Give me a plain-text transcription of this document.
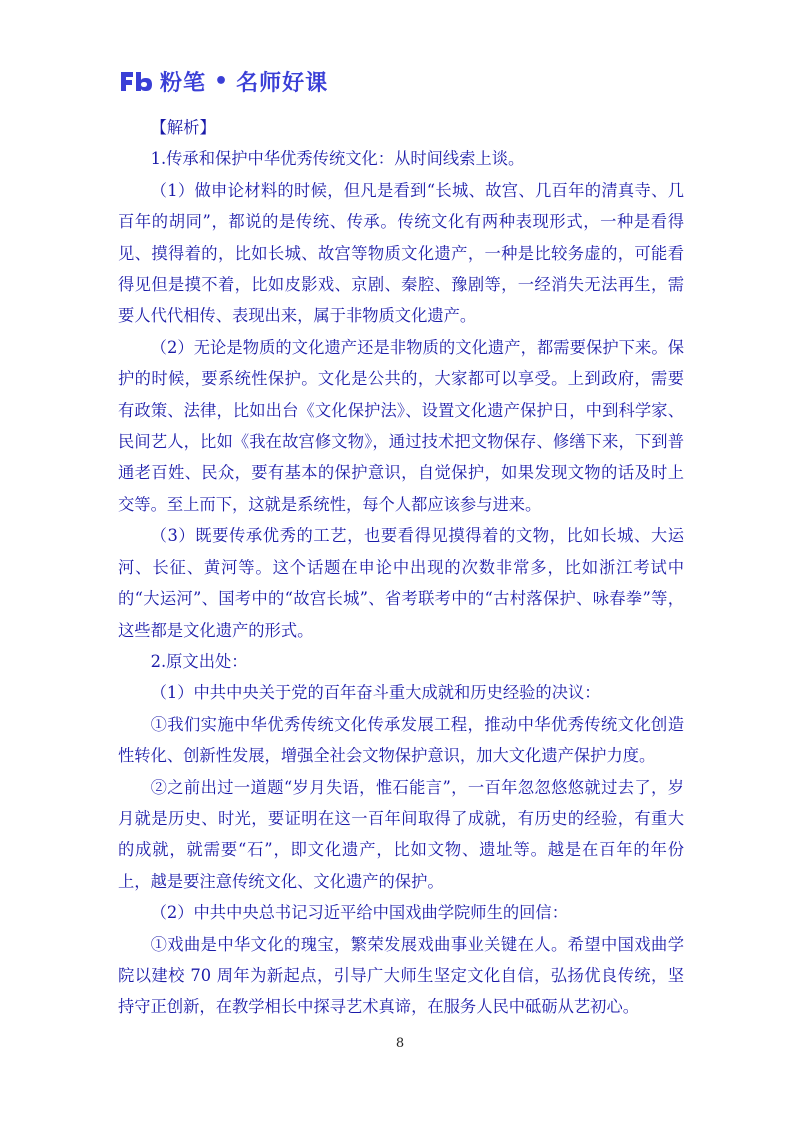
粉笔 • 名师好课

【解析】

1.传承和保护中华优秀传统文化：从时间线索上谈。

（1）做申论材料的时候，但凡是看到“长城、故宫、几百年的清真寺、几百年的胡同”，都说的是传统、传承。传统文化有两种表现形式，一种是看得见、摸得着的，比如长城、故宫等物质文化遗产，一种是比较务虚的，可能看得见但是摸不着，比如皮影戏、京剧、秦腔、豫剧等，一经消失无法再生，需要人代代相传、表现出来，属于非物质文化遗产。

（2）无论是物质的文化遗产还是非物质的文化遗产，都需要保护下来。保护的时候，要系统性保护。文化是公共的，大家都可以享受。上到政府，需要有政策、法律，比如出台《文化保护法》、设置文化遗产保护日，中到科学家、民间艺人，比如《我在故宫修文物》，通过技术把文物保存、修缮下来，下到普通老百姓、民众，要有基本的保护意识，自觉保护，如果发现文物的话及时上交等。至上而下，这就是系统性，每个人都应该参与进来。

（3）既要传承优秀的工艺，也要看得见摸得着的文物，比如长城、大运河、长征、黄河等。这个话题在申论中出现的次数非常多，比如浙江考试中的“大运河”、国考中的“故宫长城”、省考联考中的“古村落保护、咏春拳”等，这些都是文化遗产的形式。

2.原文出处：

（1）中共中央关于党的百年奋斗重大成就和历史经验的决议：

①我们实施中华优秀传统文化传承发展工程，推动中华优秀传统文化创造性转化、创新性发展，增强全社会文物保护意识，加大文化遗产保护力度。

②之前出过一道题“岁月失语，惟石能言”，一百年忽忽悠悠就过去了，岁月就是历史、时光，要证明在这一百年间取得了成就，有历史的经验，有重大的成就，就需要“石”，即文化遗产，比如文物、遗址等。越是在百年的年份上，越是要注意传统文化、文化遗产的保护。

（2）中共中央总书记习近平给中国戏曲学院师生的回信：

①戏曲是中华文化的瑰宝，繁荣发展戏曲事业关键在人。希望中国戏曲学院以建校 70 周年为新起点，引导广大师生坚定文化自信，弘扬优良传统，坚持守正创新，在教学相长中探寻艺术真谛，在服务人民中砥砺从艺初心。

8
